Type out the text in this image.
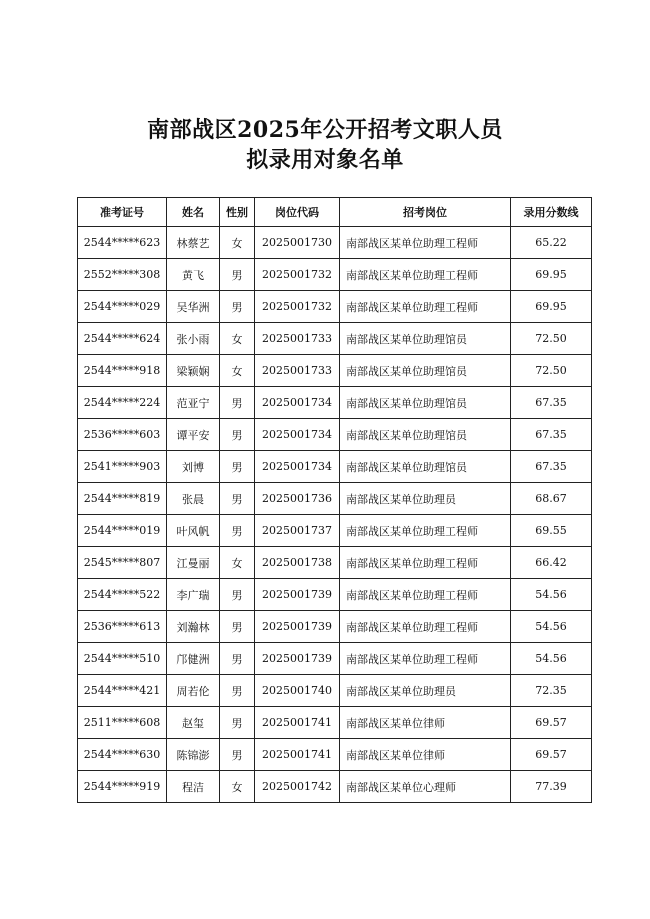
南部战区2025年公开招考文职人员
拟录用对象名单
准考证号	姓名	性别	岗位代码	招考岗位	录用分数线
2544*****623	林蔡艺	女	2025001730	南部战区某单位助理工程师	65.22
2552*****308	黄飞	男	2025001732	南部战区某单位助理工程师	69.95
2544*****029	吴华洲	男	2025001732	南部战区某单位助理工程师	69.95
2544*****624	张小雨	女	2025001733	南部战区某单位助理馆员	72.50
2544*****918	梁颖娴	女	2025001733	南部战区某单位助理馆员	72.50
2544*****224	范亚宁	男	2025001734	南部战区某单位助理馆员	67.35
2536*****603	谭平安	男	2025001734	南部战区某单位助理馆员	67.35
2541*****903	刘博	男	2025001734	南部战区某单位助理馆员	67.35
2544*****819	张晨	男	2025001736	南部战区某单位助理员	68.67
2544*****019	叶风帆	男	2025001737	南部战区某单位助理工程师	69.55
2545*****807	江曼丽	女	2025001738	南部战区某单位助理工程师	66.42
2544*****522	李广瑞	男	2025001739	南部战区某单位助理工程师	54.56
2536*****613	刘瀚林	男	2025001739	南部战区某单位助理工程师	54.56
2544*****510	邝健洲	男	2025001739	南部战区某单位助理工程师	54.56
2544*****421	周若伦	男	2025001740	南部战区某单位助理员	72.35
2511*****608	赵玺	男	2025001741	南部战区某单位律师	69.57
2544*****630	陈锦澎	男	2025001741	南部战区某单位律师	69.57
2544*****919	程洁	女	2025001742	南部战区某单位心理师	77.39
